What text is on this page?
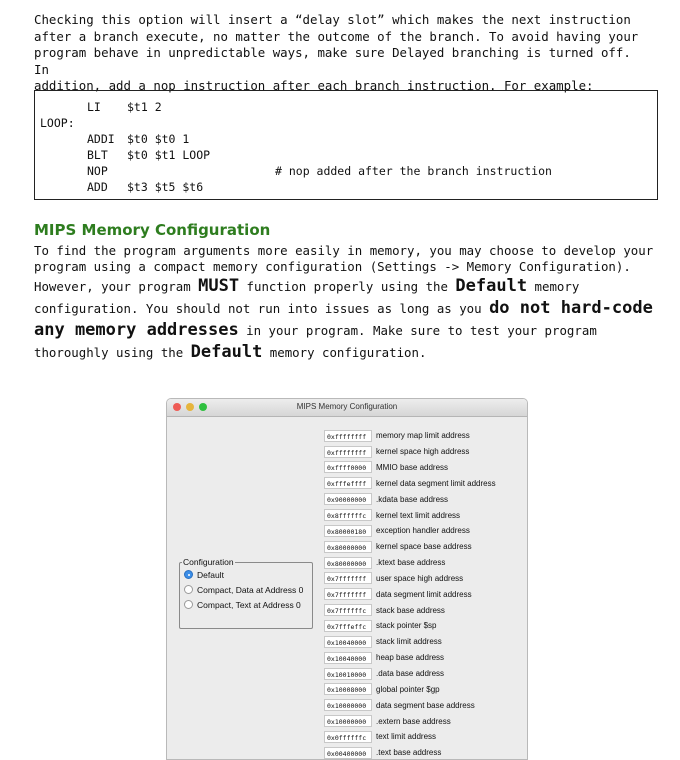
Checking this option will insert a “delay slot” which makes the next instruction
after a branch execute, no matter the outcome of the branch. To avoid having your
program behave in unpredictable ways, make sure Delayed branching is turned off. In
addition, add a nop instruction after each branch instruction. For example:
LI $t1 2
LOOP:
ADDI $t0 $t0 1
BLT $t0 $t1 LOOP
NOP	# nop added after the branch instruction
ADD $t3 $t5 $t6
MIPS Memory Configuration
To find the program arguments more easily in memory, you may choose to develop your
program using a compact memory configuration (Settings -> Memory Configuration).
However, your program MUST function properly using the Default memory
configuration. You should not run into issues as long as you do not hard-code
any memory addresses in your program. Make sure to test your program
thoroughly using the Default memory configuration.
MIPS Memory Configuration
Configuration
Default
Compact, Data at Address 0
Compact, Text at Address 0
0xffffffff memory map limit address
0xffffffff kernel space high address
0xffff0000 MMIO base address
0xfffeffff kernel data segment limit address
0x90000000 .kdata base address
0x8ffffffc kernel text limit address
0x80000180 exception handler address
0x80000000 kernel space base address
0x80000000 .ktext base address
0x7fffffff user space high address
0x7fffffff data segment limit address
0x7ffffffc stack base address
0x7fffeffc stack pointer $sp
0x10040000 stack limit address
0x10040000 heap base address
0x10010000 .data base address
0x10008000 global pointer $gp
0x10000000 data segment base address
0x10000000 .extern base address
0x0ffffffc text limit address
0x00400000 .text base address
